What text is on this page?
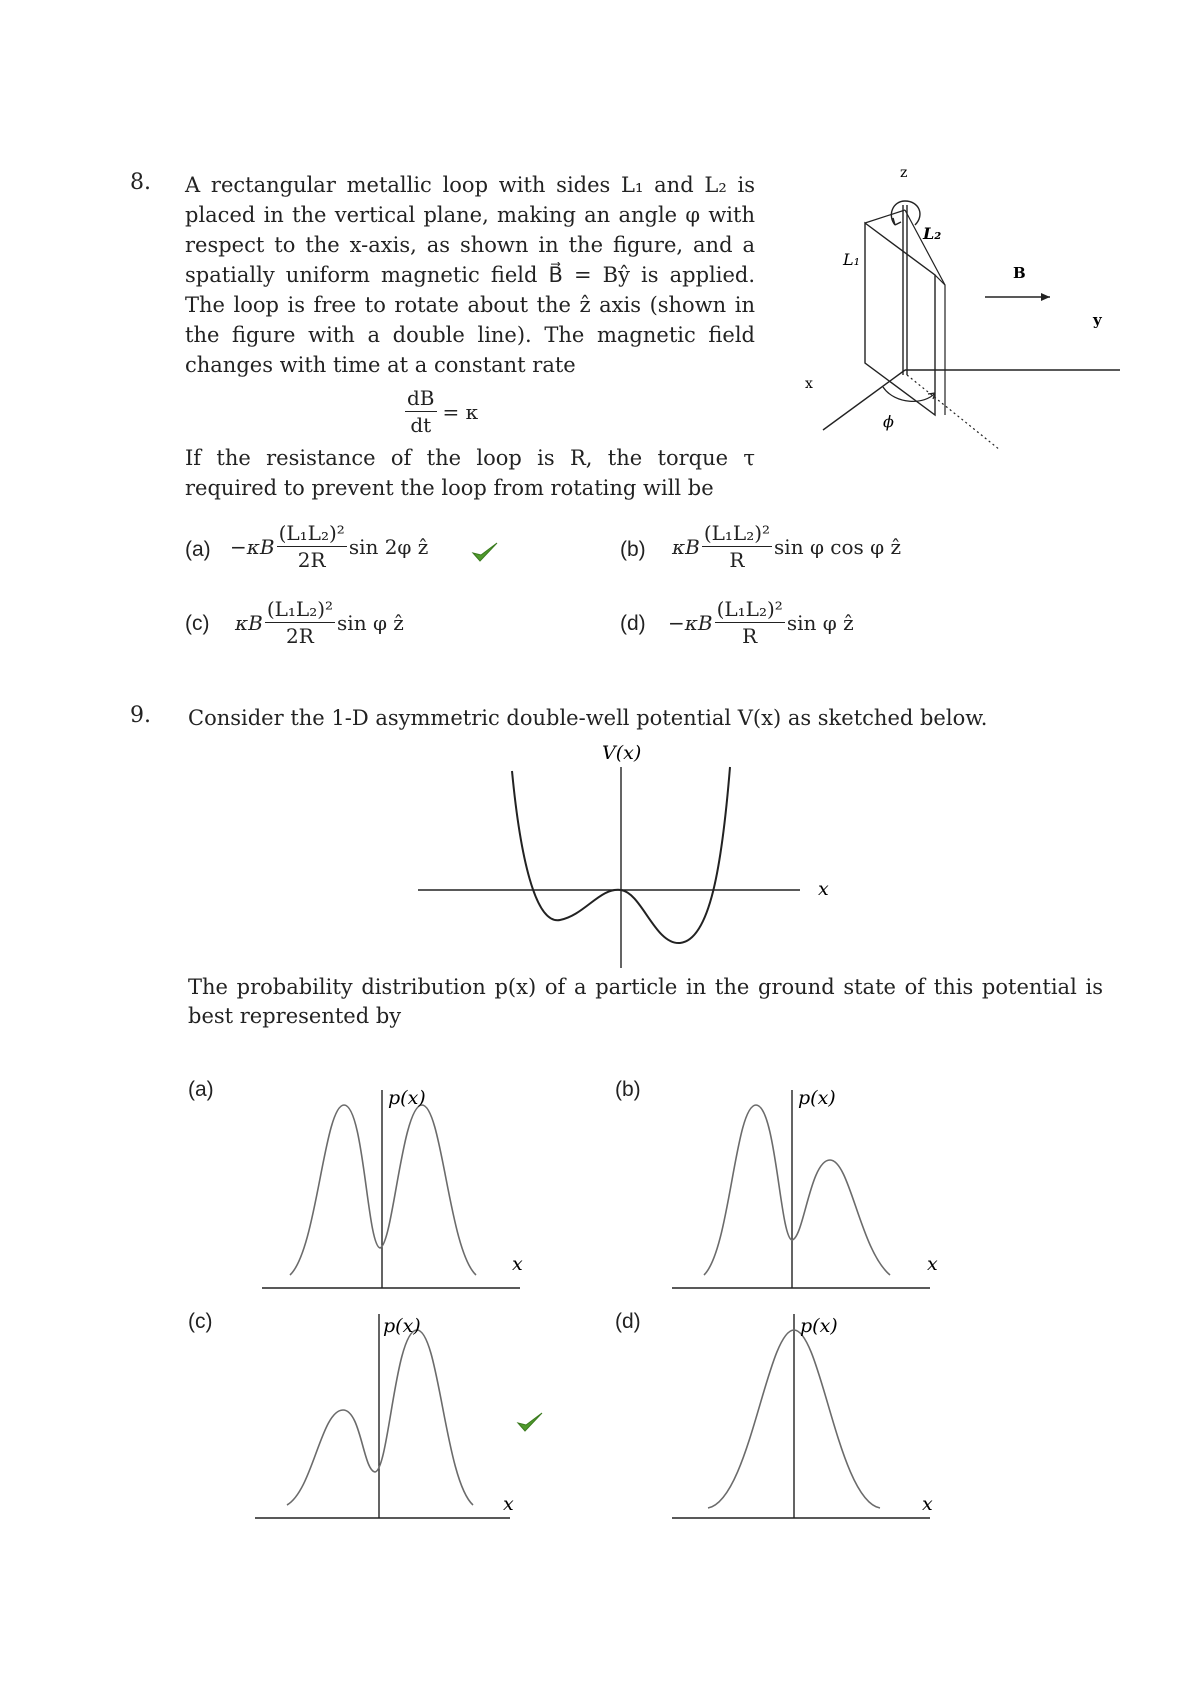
8. A rectangular metallic loop with sides L₁ and L₂ is placed in the vertical plane, making an angle φ with respect to the x-axis, as shown in the figure, and a spatially uniform magnetic field B⃗ = Bŷ is applied. The loop is free to rotate about the ẑ axis (shown in the figure with a double line). The magnetic field changes with time at a constant rate
$\frac{dB}{dt} = \kappa$
If the resistance of the loop is R, the torque τ required to prevent the loop from rotating will be
z
y
x
B
L₁
L₂
ϕ
$(a) -\kappa B \frac{\text{(L₁L₂)²}}{2R}$ sin 2φ ẑ	(b) κB $\frac{\text{(L₁L₂)²}}{R}$ sin φ cos φ ẑ
(c) κB $\frac{\text{(L₁L₂)²}}{2R}$ sin φ ẑ	$(d) -\kappa B \frac{\text{(L₁L₂)²}}{R}$ sin φ ẑ
9. Consider the 1-D asymmetric double-well potential V(x) as sketched below.
V(x)
x
The probability distribution p(x) of a particle in the ground state of this potential is best represented by
(a)	(b)
(c)	(d)
p(x)
x
p(x)
x
p(x)
x
p(x)
x
